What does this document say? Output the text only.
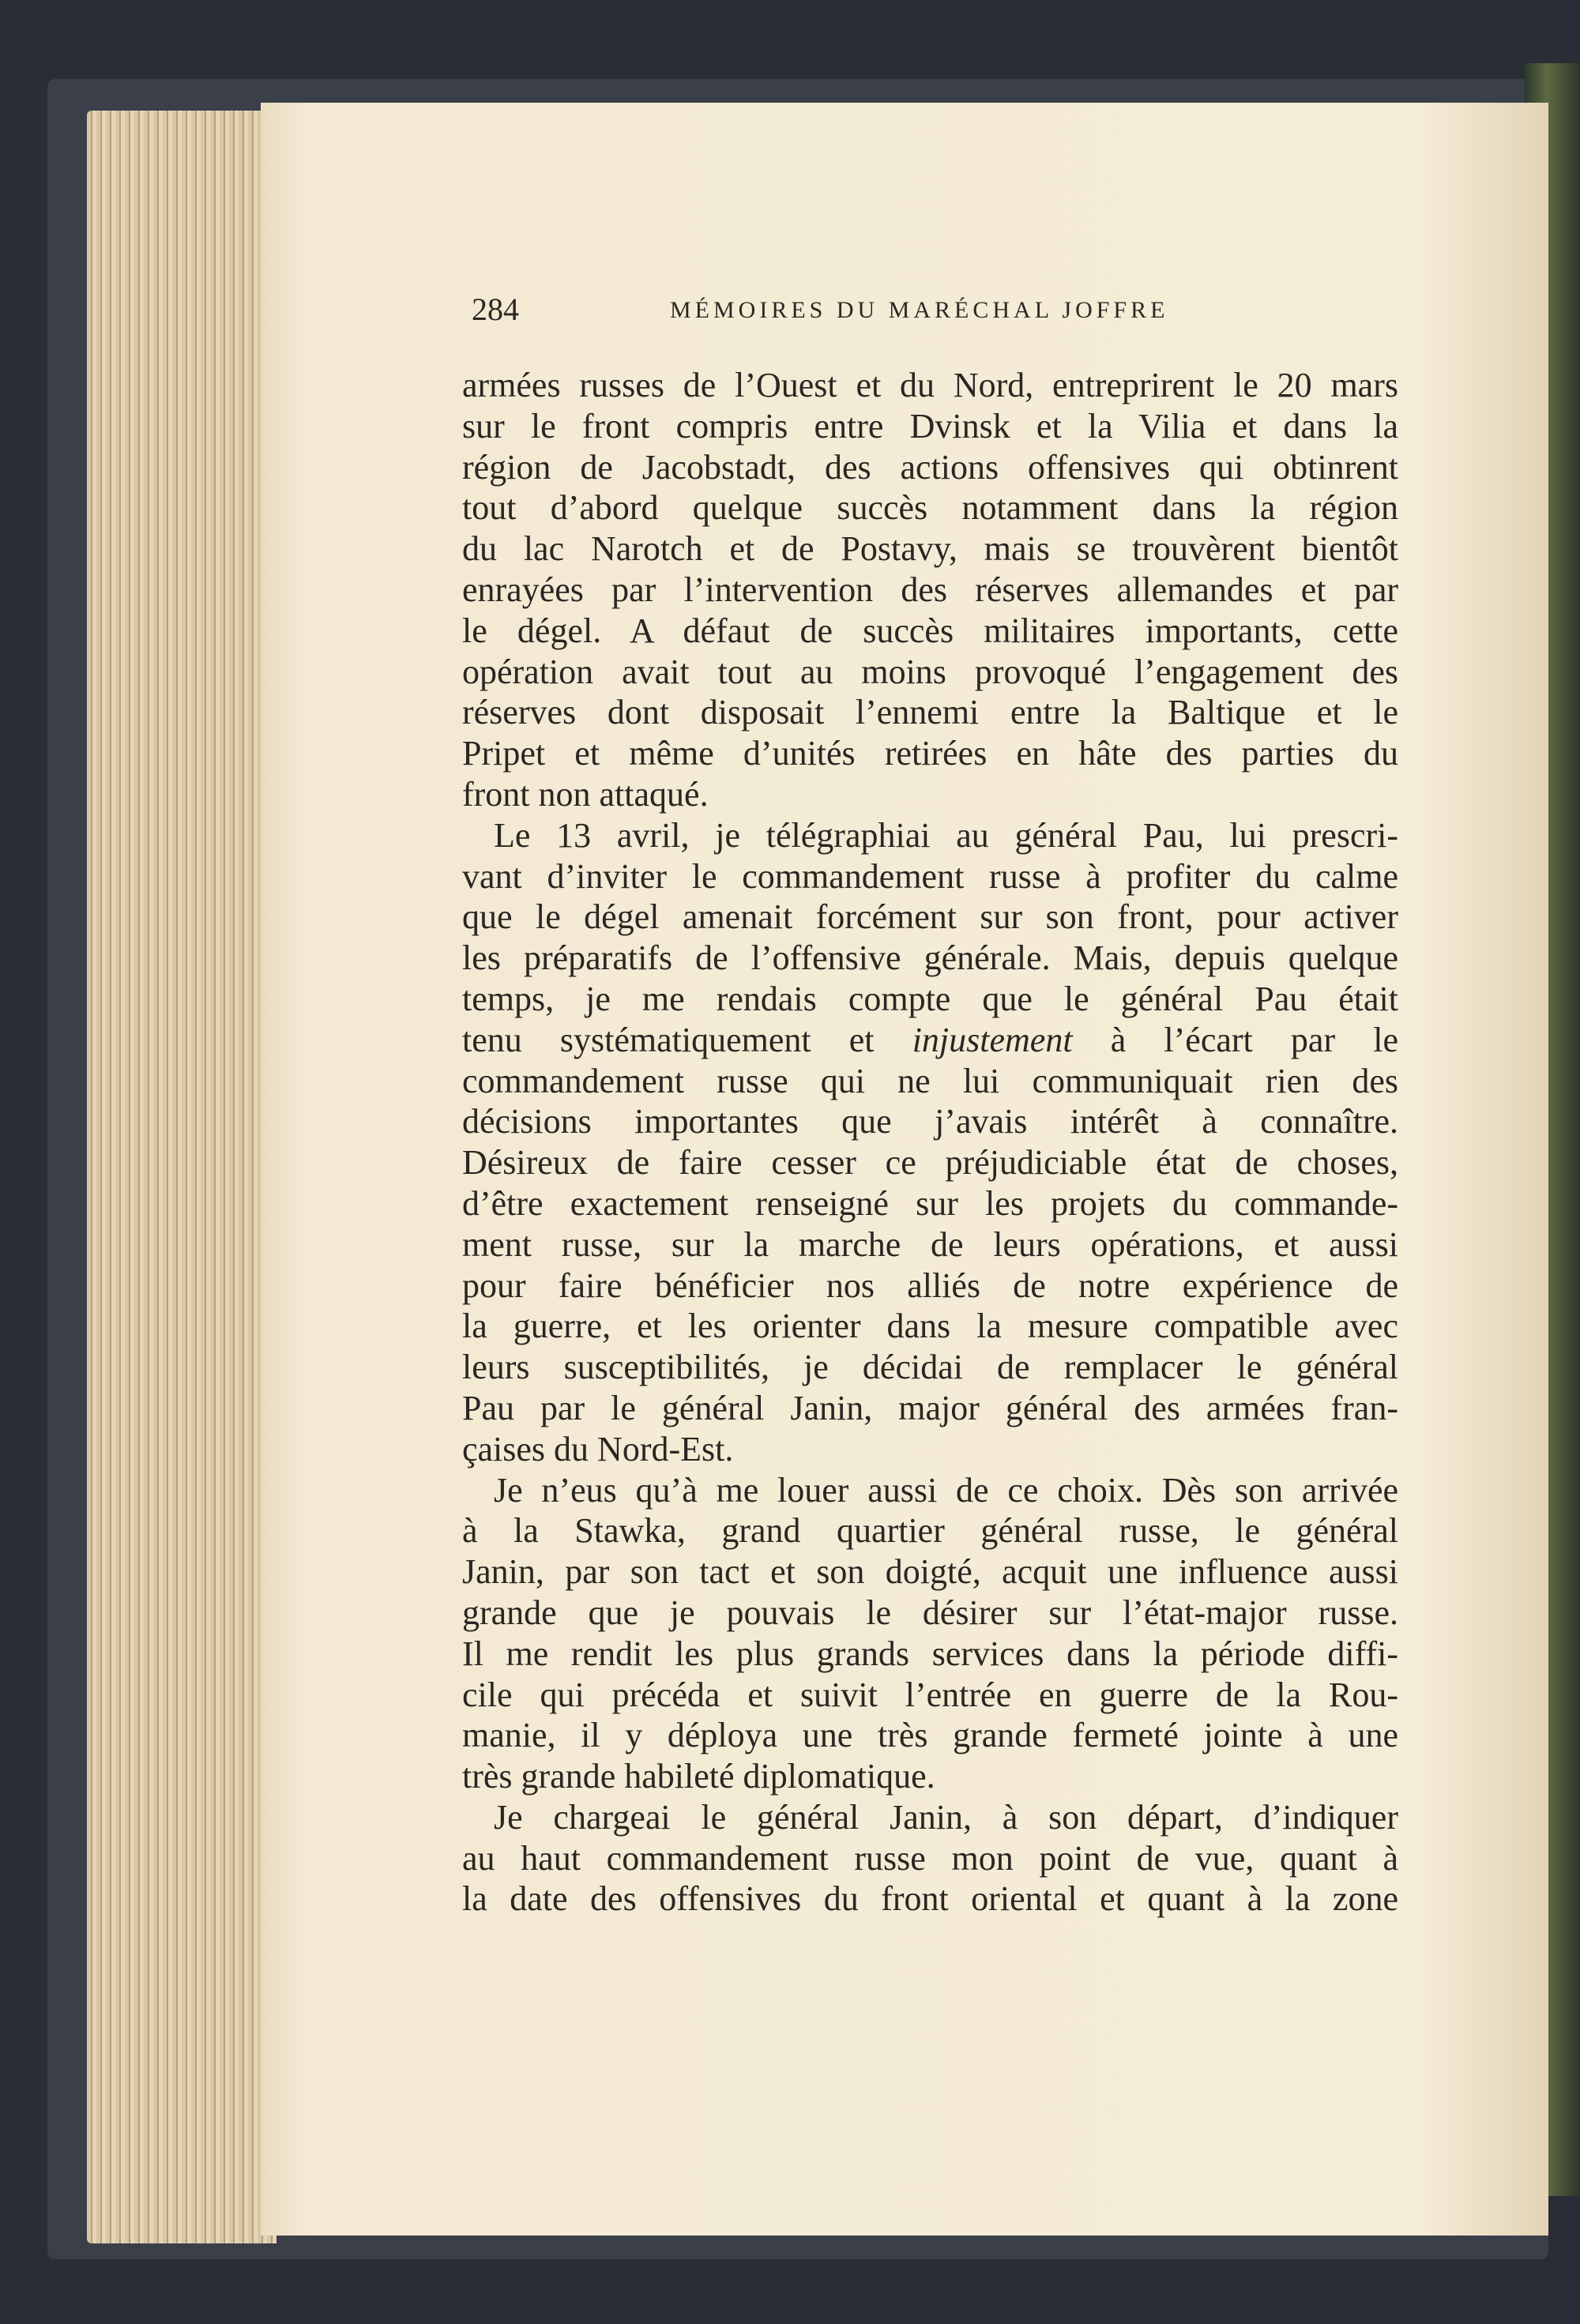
284	MÉMOIRES DU MARÉCHAL JOFFRE
armées russes de l’Ouest et du Nord, entreprirent le 20 mars
sur le front compris entre Dvinsk et la Vilia et dans la
région de Jacobstadt, des actions offensives qui obtinrent
tout d’abord quelque succès notamment dans la région
du lac Narotch et de Postavy, mais se trouvèrent bientôt
enrayées par l’intervention des réserves allemandes et par
le dégel. A défaut de succès militaires importants, cette
opération avait tout au moins provoqué l’engagement des
réserves dont disposait l’ennemi entre la Baltique et le
Pripet et même d’unités retirées en hâte des parties du
front non attaqué.
Le 13 avril, je télégraphiai au général Pau, lui prescri-
vant d’inviter le commandement russe à profiter du calme
que le dégel amenait forcément sur son front, pour activer
les préparatifs de l’offensive générale. Mais, depuis quelque
temps, je me rendais compte que le général Pau était
tenu systématiquement et injustement à l’écart par le
commandement russe qui ne lui communiquait rien des
décisions importantes que j’avais intérêt à connaître.
Désireux de faire cesser ce préjudiciable état de choses,
d’être exactement renseigné sur les projets du commande-
ment russe, sur la marche de leurs opérations, et aussi
pour faire bénéficier nos alliés de notre expérience de
la guerre, et les orienter dans la mesure compatible avec
leurs susceptibilités, je décidai de remplacer le général
Pau par le général Janin, major général des armées fran-
çaises du Nord-Est.
Je n’eus qu’à me louer aussi de ce choix. Dès son arrivée
à la Stawka, grand quartier général russe, le général
Janin, par son tact et son doigté, acquit une influence aussi
grande que je pouvais le désirer sur l’état-major russe.
Il me rendit les plus grands services dans la période diffi-
cile qui précéda et suivit l’entrée en guerre de la Rou-
manie, il y déploya une très grande fermeté jointe à une
très grande habileté diplomatique.
Je chargeai le général Janin, à son départ, d’indiquer
au haut commandement russe mon point de vue, quant à
la date des offensives du front oriental et quant à la zone
